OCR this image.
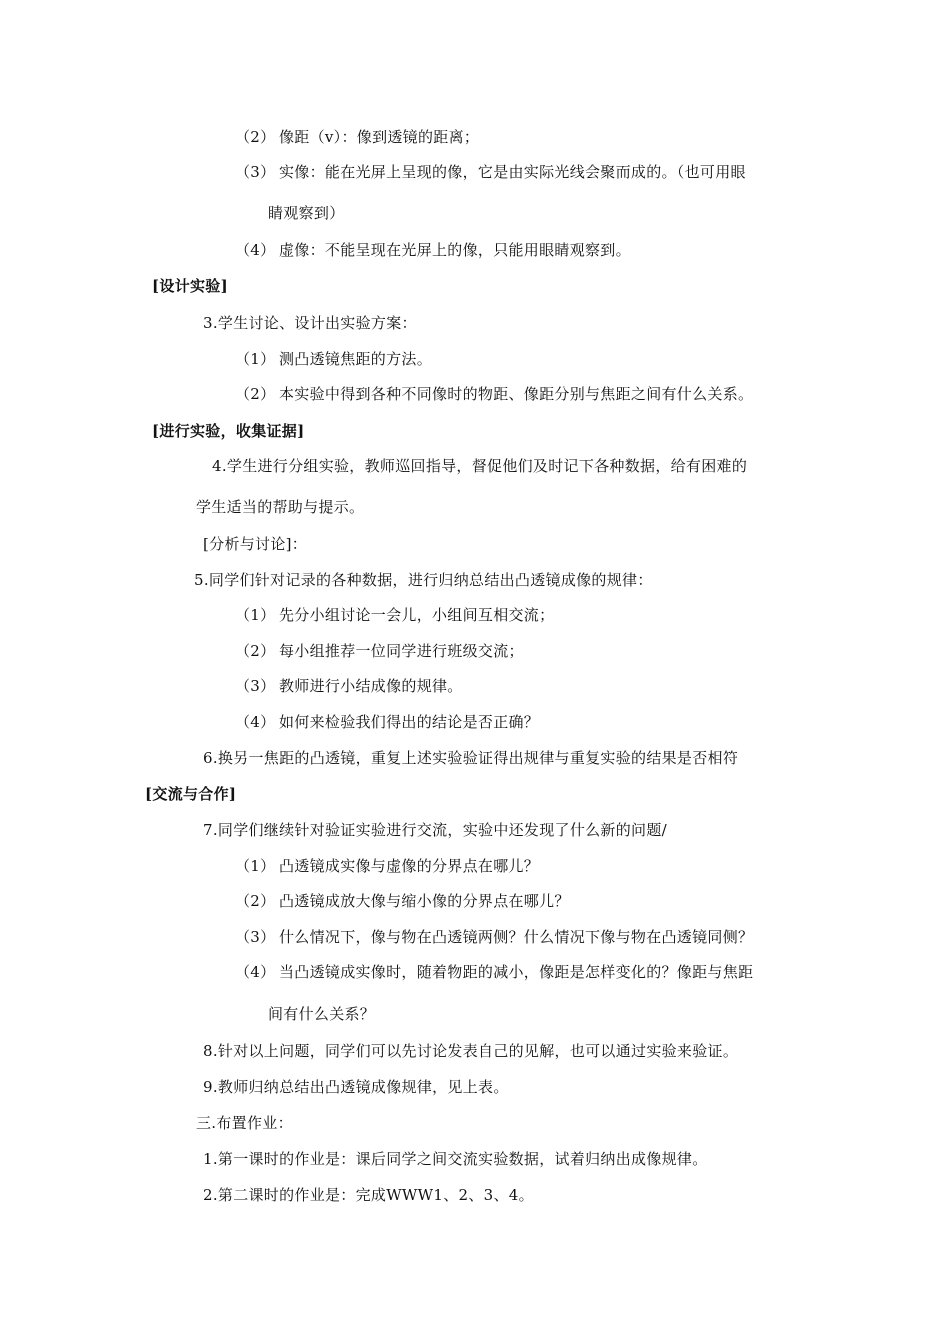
（2） 像距（v）：像到透镜的距离；
（3） 实像：能在光屏上呈现的像，它是由实际光线会聚而成的。（也可用眼
睛观察到）
（4） 虚像：不能呈现在光屏上的像，只能用眼睛观察到。
[设计实验]
3.学生讨论、设计出实验方案：
（1） 测凸透镜焦距的方法。
（2） 本实验中得到各种不同像时的物距、像距分别与焦距之间有什么关系。
[进行实验，收集证据]
4.学生进行分组实验，教师巡回指导，督促他们及时记下各种数据，给有困难的
学生适当的帮助与提示。
[分析与讨论]：
5.同学们针对记录的各种数据，进行归纳总结出凸透镜成像的规律：
（1） 先分小组讨论一会儿，小组间互相交流；
（2） 每小组推荐一位同学进行班级交流；
（3） 教师进行小结成像的规律。
（4） 如何来检验我们得出的结论是否正确？
6.换另一焦距的凸透镜，重复上述实验验证得出规律与重复实验的结果是否相符
[交流与合作]
7.同学们继续针对验证实验进行交流，实验中还发现了什么新的问题/
（1） 凸透镜成实像与虚像的分界点在哪儿？
（2） 凸透镜成放大像与缩小像的分界点在哪儿？
（3） 什么情况下，像与物在凸透镜两侧？什么情况下像与物在凸透镜同侧？
（4） 当凸透镜成实像时，随着物距的减小，像距是怎样变化的？像距与焦距
间有什么关系？
8.针对以上问题，同学们可以先讨论发表自己的见解，也可以通过实验来验证。
9.教师归纳总结出凸透镜成像规律，见上表。
三.布置作业：
1.第一课时的作业是：课后同学之间交流实验数据，试着归纳出成像规律。
2.第二课时的作业是：完成WWW1、2、3、4。
